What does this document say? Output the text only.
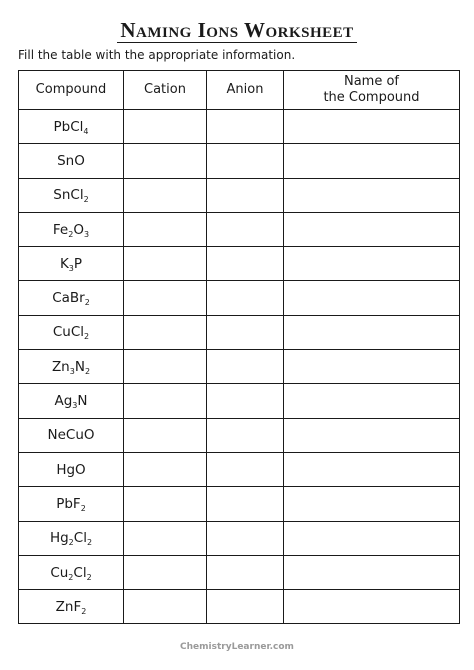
Naming Ions Worksheet
Fill the table with the appropriate information.
Compound	Cation	Anion	Name of
the Compound

PbCl$_4$			
SnO			
SnCl$_2$			
$Fe_2O_3$			
$K_3P$			
CaBr$_2$			
CuCl$_2$			
$Zn_3N_2$			
$Ag_3N$			
NeCuO			
HgO			
PbF$_2$			
$Hg_2Cl_2$			
$Cu_2Cl_2$			
ZnF$_2$			
ChemistryLearner.com
